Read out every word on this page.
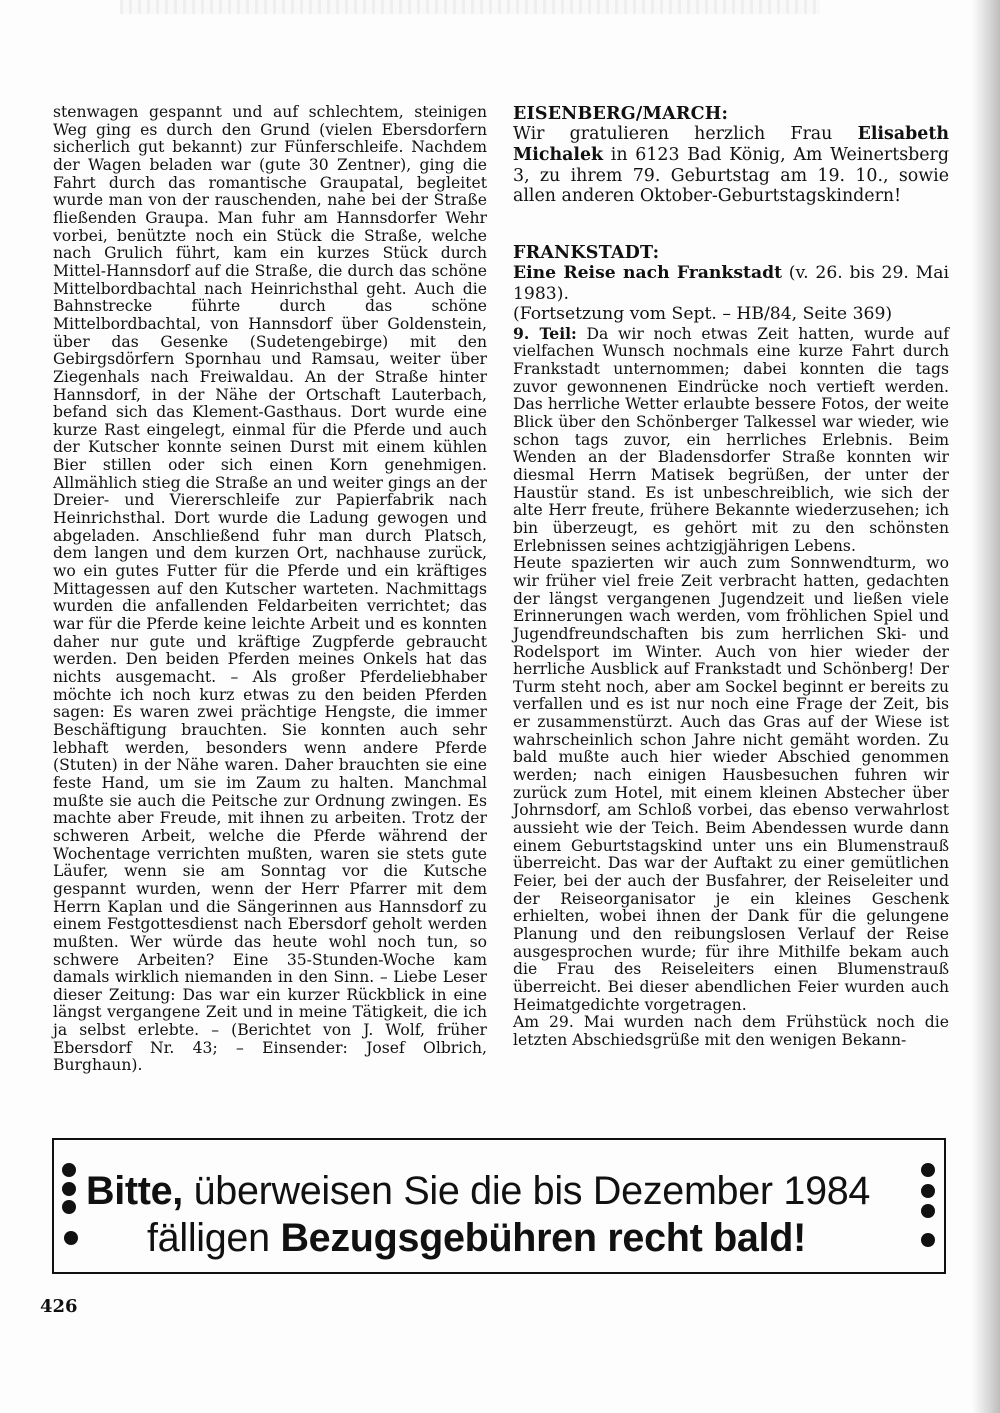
stenwagen gespannt und auf schlechtem, steinigen Weg ging es durch den Grund (vielen Ebersdorfern sicherlich gut bekannt) zur Fünferschleife. Nachdem der Wagen beladen war (gute 30 Zentner), ging die Fahrt durch das romantische Graupatal, begleitet wurde man von der rauschenden, nahe bei der Straße fließenden Graupa. Man fuhr am Hannsdorfer Wehr vorbei, benützte noch ein Stück die Straße, welche nach Grulich führt, kam ein kurzes Stück durch Mittel-Hannsdorf auf die Straße, die durch das schöne Mittelbordbachtal nach Heinrichsthal geht. Auch die Bahnstrecke führte durch das schöne Mittelbordbachtal, von Hannsdorf über Goldenstein, über das Gesenke (Sudetengebirge) mit den Gebirgsdörfern Spornhau und Ramsau, weiter über Ziegenhals nach Freiwaldau. An der Straße hinter Hannsdorf, in der Nähe der Ortschaft Lauterbach, befand sich das Klement-Gasthaus. Dort wurde eine kurze Rast eingelegt, einmal für die Pferde und auch der Kutscher konnte seinen Durst mit einem kühlen Bier stillen oder sich einen Korn genehmigen. Allmählich stieg die Straße an und weiter gings an der Dreier- und Viererschleife zur Papierfabrik nach Heinrichsthal. Dort wurde die Ladung gewogen und abgeladen. Anschließend fuhr man durch Platsch, dem langen und dem kurzen Ort, nachhause zurück, wo ein gutes Futter für die Pferde und ein kräftiges Mittagessen auf den Kutscher warteten. Nachmittags wurden die anfallenden Feldarbeiten verrichtet; das war für die Pferde keine leichte Arbeit und es konnten daher nur gute und kräftige Zugpferde gebraucht werden. Den beiden Pferden meines Onkels hat das nichts ausgemacht. – Als großer Pferdeliebhaber möchte ich noch kurz etwas zu den beiden Pferden sagen: Es waren zwei prächtige Hengste, die immer Beschäftigung brauchten. Sie konnten auch sehr lebhaft werden, besonders wenn andere Pferde (Stuten) in der Nähe waren. Daher brauchten sie eine feste Hand, um sie im Zaum zu halten. Manchmal mußte sie auch die Peitsche zur Ordnung zwingen. Es machte aber Freude, mit ihnen zu arbeiten. Trotz der schweren Arbeit, welche die Pferde während der Wochentage verrichten mußten, waren sie stets gute Läufer, wenn sie am Sonntag vor die Kutsche gespannt wurden, wenn der Herr Pfarrer mit dem Herrn Kaplan und die Sängerinnen aus Hannsdorf zu einem Festgottesdienst nach Ebersdorf geholt werden mußten. Wer würde das heute wohl noch tun, so schwere Arbeiten? Eine 35-Stunden-Woche kam damals wirklich niemanden in den Sinn. – Liebe Leser dieser Zeitung: Das war ein kurzer Rückblick in eine längst vergangene Zeit und in meine Tätigkeit, die ich ja selbst erlebte. – (Berichtet von J. Wolf, früher Ebersdorf Nr. 43; – Einsender: Josef Olbrich, Burghaun).

EISENBERG/MARCH:

Wir gratulieren herzlich Frau Elisabeth Michalek in 6123 Bad König, Am Weinertsberg 3, zu ihrem 79. Geburtstag am 19. 10., sowie allen anderen Oktober-Geburtstagskindern!

FRANKSTADT:

Eine Reise nach Frankstadt (v. 26. bis 29. Mai 1983).

(Fortsetzung vom Sept. – HB/84, Seite 369)

9. Teil: Da wir noch etwas Zeit hatten, wurde auf vielfachen Wunsch nochmals eine kurze Fahrt durch Frankstadt unternommen; dabei konnten die tags zuvor gewonnenen Eindrücke noch vertieft werden. Das herrliche Wetter erlaubte bessere Fotos, der weite Blick über den Schönberger Talkessel war wieder, wie schon tags zuvor, ein herrliches Erlebnis. Beim Wenden an der Bladensdorfer Straße konnten wir diesmal Herrn Matisek begrüßen, der unter der Haustür stand. Es ist unbeschreiblich, wie sich der alte Herr freute, frühere Bekannte wiederzusehen; ich bin überzeugt, es gehört mit zu den schönsten Erlebnissen seines achtzigjährigen Lebens.

Heute spazierten wir auch zum Sonnwendturm, wo wir früher viel freie Zeit verbracht hatten, gedachten der längst vergangenen Jugendzeit und ließen viele Erinnerungen wach werden, vom fröhlichen Spiel und Jugendfreundschaften bis zum herrlichen Ski- und Rodelsport im Winter. Auch von hier wieder der herrliche Ausblick auf Frankstadt und Schönberg! Der Turm steht noch, aber am Sockel beginnt er bereits zu verfallen und es ist nur noch eine Frage der Zeit, bis er zusammenstürzt. Auch das Gras auf der Wiese ist wahrscheinlich schon Jahre nicht gemäht worden. Zu bald mußte auch hier wieder Abschied genommen werden; nach einigen Hausbesuchen fuhren wir zurück zum Hotel, mit einem kleinen Abstecher über Johrnsdorf, am Schloß vorbei, das ebenso verwahrlost aussieht wie der Teich. Beim Abendessen wurde dann einem Geburtstagskind unter uns ein Blumenstrauß überreicht. Das war der Auftakt zu einer gemütlichen Feier, bei der auch der Busfahrer, der Reiseleiter und der Reiseorganisator je ein kleines Geschenk erhielten, wobei ihnen der Dank für die gelungene Planung und den reibungslosen Verlauf der Reise ausgesprochen wurde; für ihre Mithilfe bekam auch die Frau des Reiseleiters einen Blumenstrauß überreicht. Bei dieser abendlichen Feier wurden auch Heimatgedichte vorgetragen.

Am 29. Mai wurden nach dem Frühstück noch die letzten Abschiedsgrüße mit den wenigen Bekann-

Bitte, überweisen Sie die bis Dezember 1984
fälligen Bezugsgebühren recht bald!
426
